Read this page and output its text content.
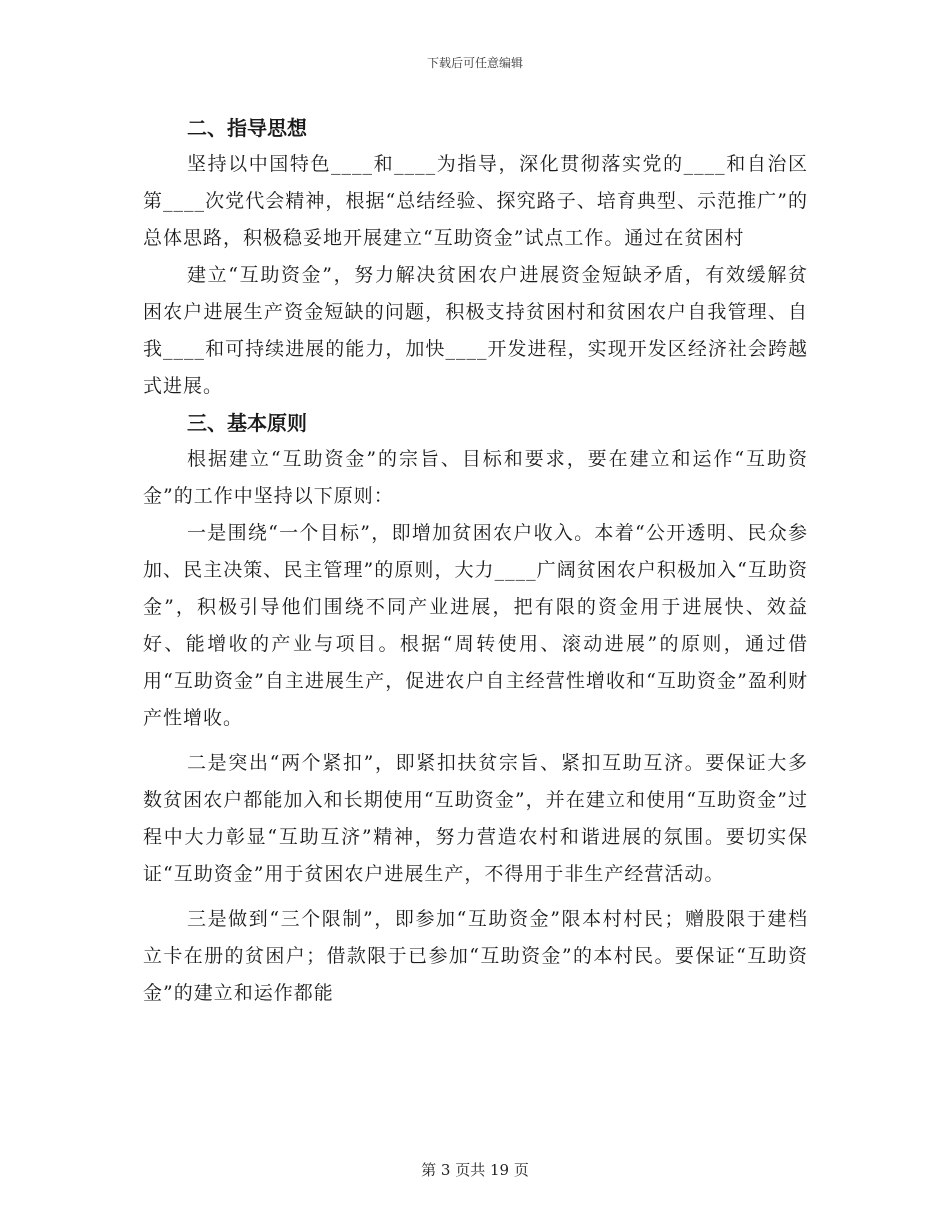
下载后可任意编辑
二、指导思想

坚持以中国特色____和____为指导，深化贯彻落实党的____和自治区第____次党代会精神，根据“总结经验、探究路子、培育典型、示范推广”的总体思路，积极稳妥地开展建立“互助资金”试点工作。通过在贫困村

建立“互助资金”，努力解决贫困农户进展资金短缺矛盾，有效缓解贫困农户进展生产资金短缺的问题，积极支持贫困村和贫困农户自我管理、自我____和可持续进展的能力，加快____开发进程，实现开发区经济社会跨越式进展。

三、基本原则

根据建立“互助资金”的宗旨、目标和要求，要在建立和运作“互助资金”的工作中坚持以下原则：

一是围绕“一个目标”，即增加贫困农户收入。本着“公开透明、民众参加、民主决策、民主管理”的原则，大力____广阔贫困农户积极加入“互助资金”，积极引导他们围绕不同产业进展，把有限的资金用于进展快、效益好、能增收的产业与项目。根据“周转使用、滚动进展”的原则，通过借用“互助资金”自主进展生产，促进农户自主经营性增收和“互助资金”盈利财产性增收。

二是突出“两个紧扣”，即紧扣扶贫宗旨、紧扣互助互济。要保证大多数贫困农户都能加入和长期使用“互助资金”，并在建立和使用“互助资金”过程中大力彰显“互助互济”精神，努力营造农村和谐进展的氛围。要切实保证“互助资金”用于贫困农户进展生产，不得用于非生产经营活动。

三是做到“三个限制”，即参加“互助资金”限本村村民；赠股限于建档立卡在册的贫困户；借款限于已参加“互助资金”的本村民。要保证“互助资金”的建立和运作都能

第 3 页共 19 页
